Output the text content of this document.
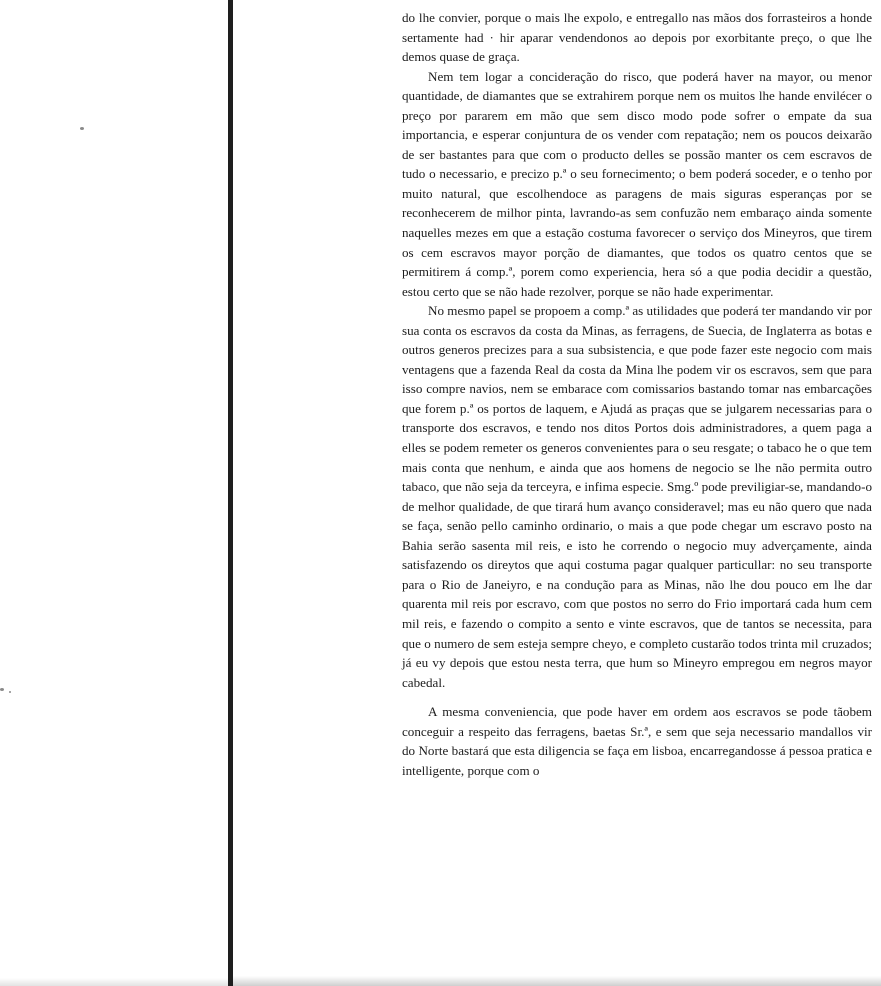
do lhe convier, porque o mais lhe expolo, e entregallo nas mãos dos forrasteiros a honde sertamente had · hir aparar vendendonos ao depois por exorbitante preço, o que lhe demos quase de graça.

Nem tem logar a concideração do risco, que poderá haver na mayor, ou menor quantidade, de diamantes que se extrahirem porque nem os muitos lhe hande envilécer o preço por pararem em mão que sem disco modo pode sofrer o empate da sua importancia, e esperar conjuntura de os vender com repatação; nem os poucos deixarão de ser bastantes para que com o producto delles se possão manter os cem escravos de tudo o necessario, e precizo p.ª o seu fornecimento; o bem poderá soceder, e o tenho por muito natural, que escolhendoce as paragens de mais siguras esperanças por se reconhecerem de milhor pinta, lavrando-as sem confuzão nem embaraço ainda somente naquelles mezes em que a estação costuma favorecer o serviço dos Mineyros, que tirem os cem escravos mayor porção de diamantes, que todos os quatro centos que se permitirem á comp.ª, porem como experiencia, hera só a que podia decidir a questão, estou certo que se não hade rezolver, porque se não hade experimentar.

No mesmo papel se propoem a comp.ª as utilidades que poderá ter mandando vir por sua conta os escravos da costa da Minas, as ferragens, de Suecia, de Inglaterra as botas e outros generos precizes para a sua subsistencia, e que pode fazer este negocio com mais ventagens que a fazenda Real da costa da Mina lhe podem vir os escravos, sem que para isso compre navios, nem se embarace com comissarios bastando tomar nas embarcações que forem p.ª os portos de laquem, e Ajudá as praças que se julgarem necessarias para o transporte dos escravos, e tendo nos ditos Portos dois administradores, a quem paga a elles se podem remeter os generos convenientes para o seu resgate; o tabaco he o que tem mais conta que nenhum, e ainda que aos homens de negocio se lhe não permita outro tabaco, que não seja da terceyra, e infima especie. Smg.º pode previligiar-se, mandando-o de melhor qualidade, de que tirará hum avanço consideravel; mas eu não quero que nada se faça, senão pello caminho ordinario, o mais a que pode chegar um escravo posto na Bahia serão sasenta mil reis, e isto he correndo o negocio muy adverçamente, ainda satisfazendo os direytos que aqui costuma pagar qualquer particullar: no seu transporte para o Rio de Janeiyro, e na condução para as Minas, não lhe dou pouco em lhe dar quarenta mil reis por escravo, com que postos no serro do Frio importará cada hum cem mil reis, e fazendo o compito a sento e vinte escravos, que de tantos se necessita, para que o numero de sem esteja sempre cheyo, e completo custarão todos trinta mil cruzados; já eu vy depois que estou nesta terra, que hum so Mineyro empregou em negros mayor cabedal.

A mesma conveniencia, que pode haver em ordem aos escravos se pode tãobem conceguir a respeito das ferragens, baetas Sr.ª, e sem que seja necessario mandallos vir do Norte bastará que esta diligencia se faça em lisboa, encarregandosse á pessoa pratica e intelligente, porque com o
